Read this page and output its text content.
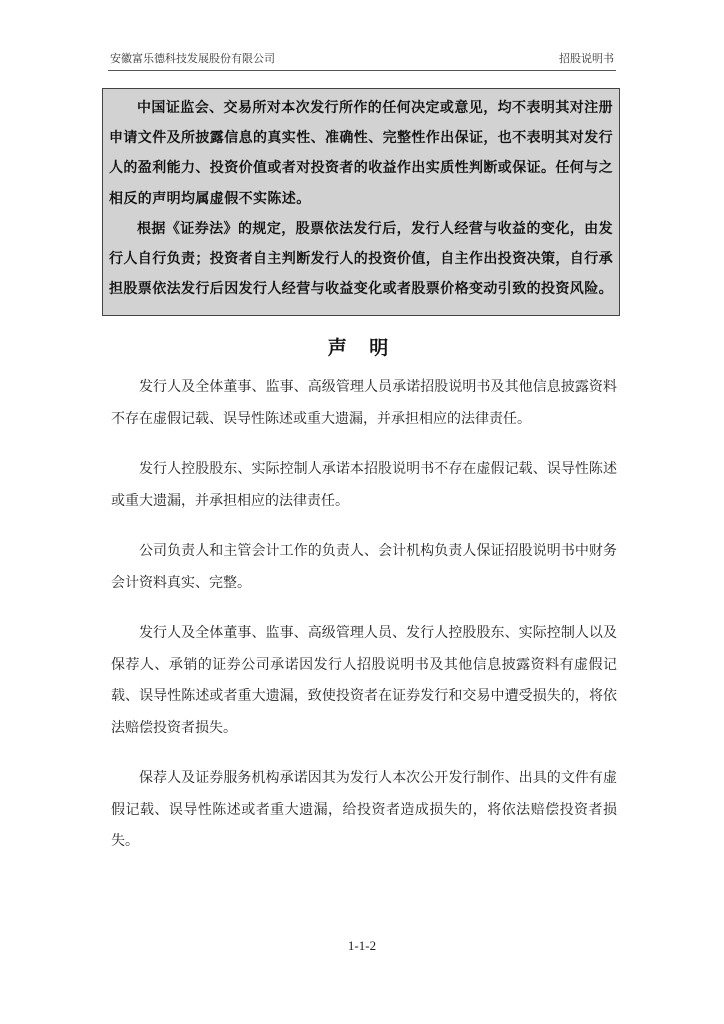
安徽富乐德科技发展股份有限公司	招股说明书

中国证监会、交易所对本次发行所作的任何决定或意见，均不表明其对注册申请文件及所披露信息的真实性、准确性、完整性作出保证，也不表明其对发行人的盈利能力、投资价值或者对投资者的收益作出实质性判断或保证。任何与之相反的声明均属虚假不实陈述。

根据《证券法》的规定，股票依法发行后，发行人经营与收益的变化，由发行人自行负责；投资者自主判断发行人的投资价值，自主作出投资决策，自行承担股票依法发行后因发行人经营与收益变化或者股票价格变动引致的投资风险。

声 明

发行人及全体董事、监事、高级管理人员承诺招股说明书及其他信息披露资料不存在虚假记载、误导性陈述或重大遗漏，并承担相应的法律责任。

发行人控股股东、实际控制人承诺本招股说明书不存在虚假记载、误导性陈述或重大遗漏，并承担相应的法律责任。

公司负责人和主管会计工作的负责人、会计机构负责人保证招股说明书中财务会计资料真实、完整。

发行人及全体董事、监事、高级管理人员、发行人控股股东、实际控制人以及保荐人、承销的证券公司承诺因发行人招股说明书及其他信息披露资料有虚假记载、误导性陈述或者重大遗漏，致使投资者在证券发行和交易中遭受损失的，将依法赔偿投资者损失。

保荐人及证券服务机构承诺因其为发行人本次公开发行制作、出具的文件有虚假记载、误导性陈述或者重大遗漏，给投资者造成损失的，将依法赔偿投资者损失。

1-1-2
